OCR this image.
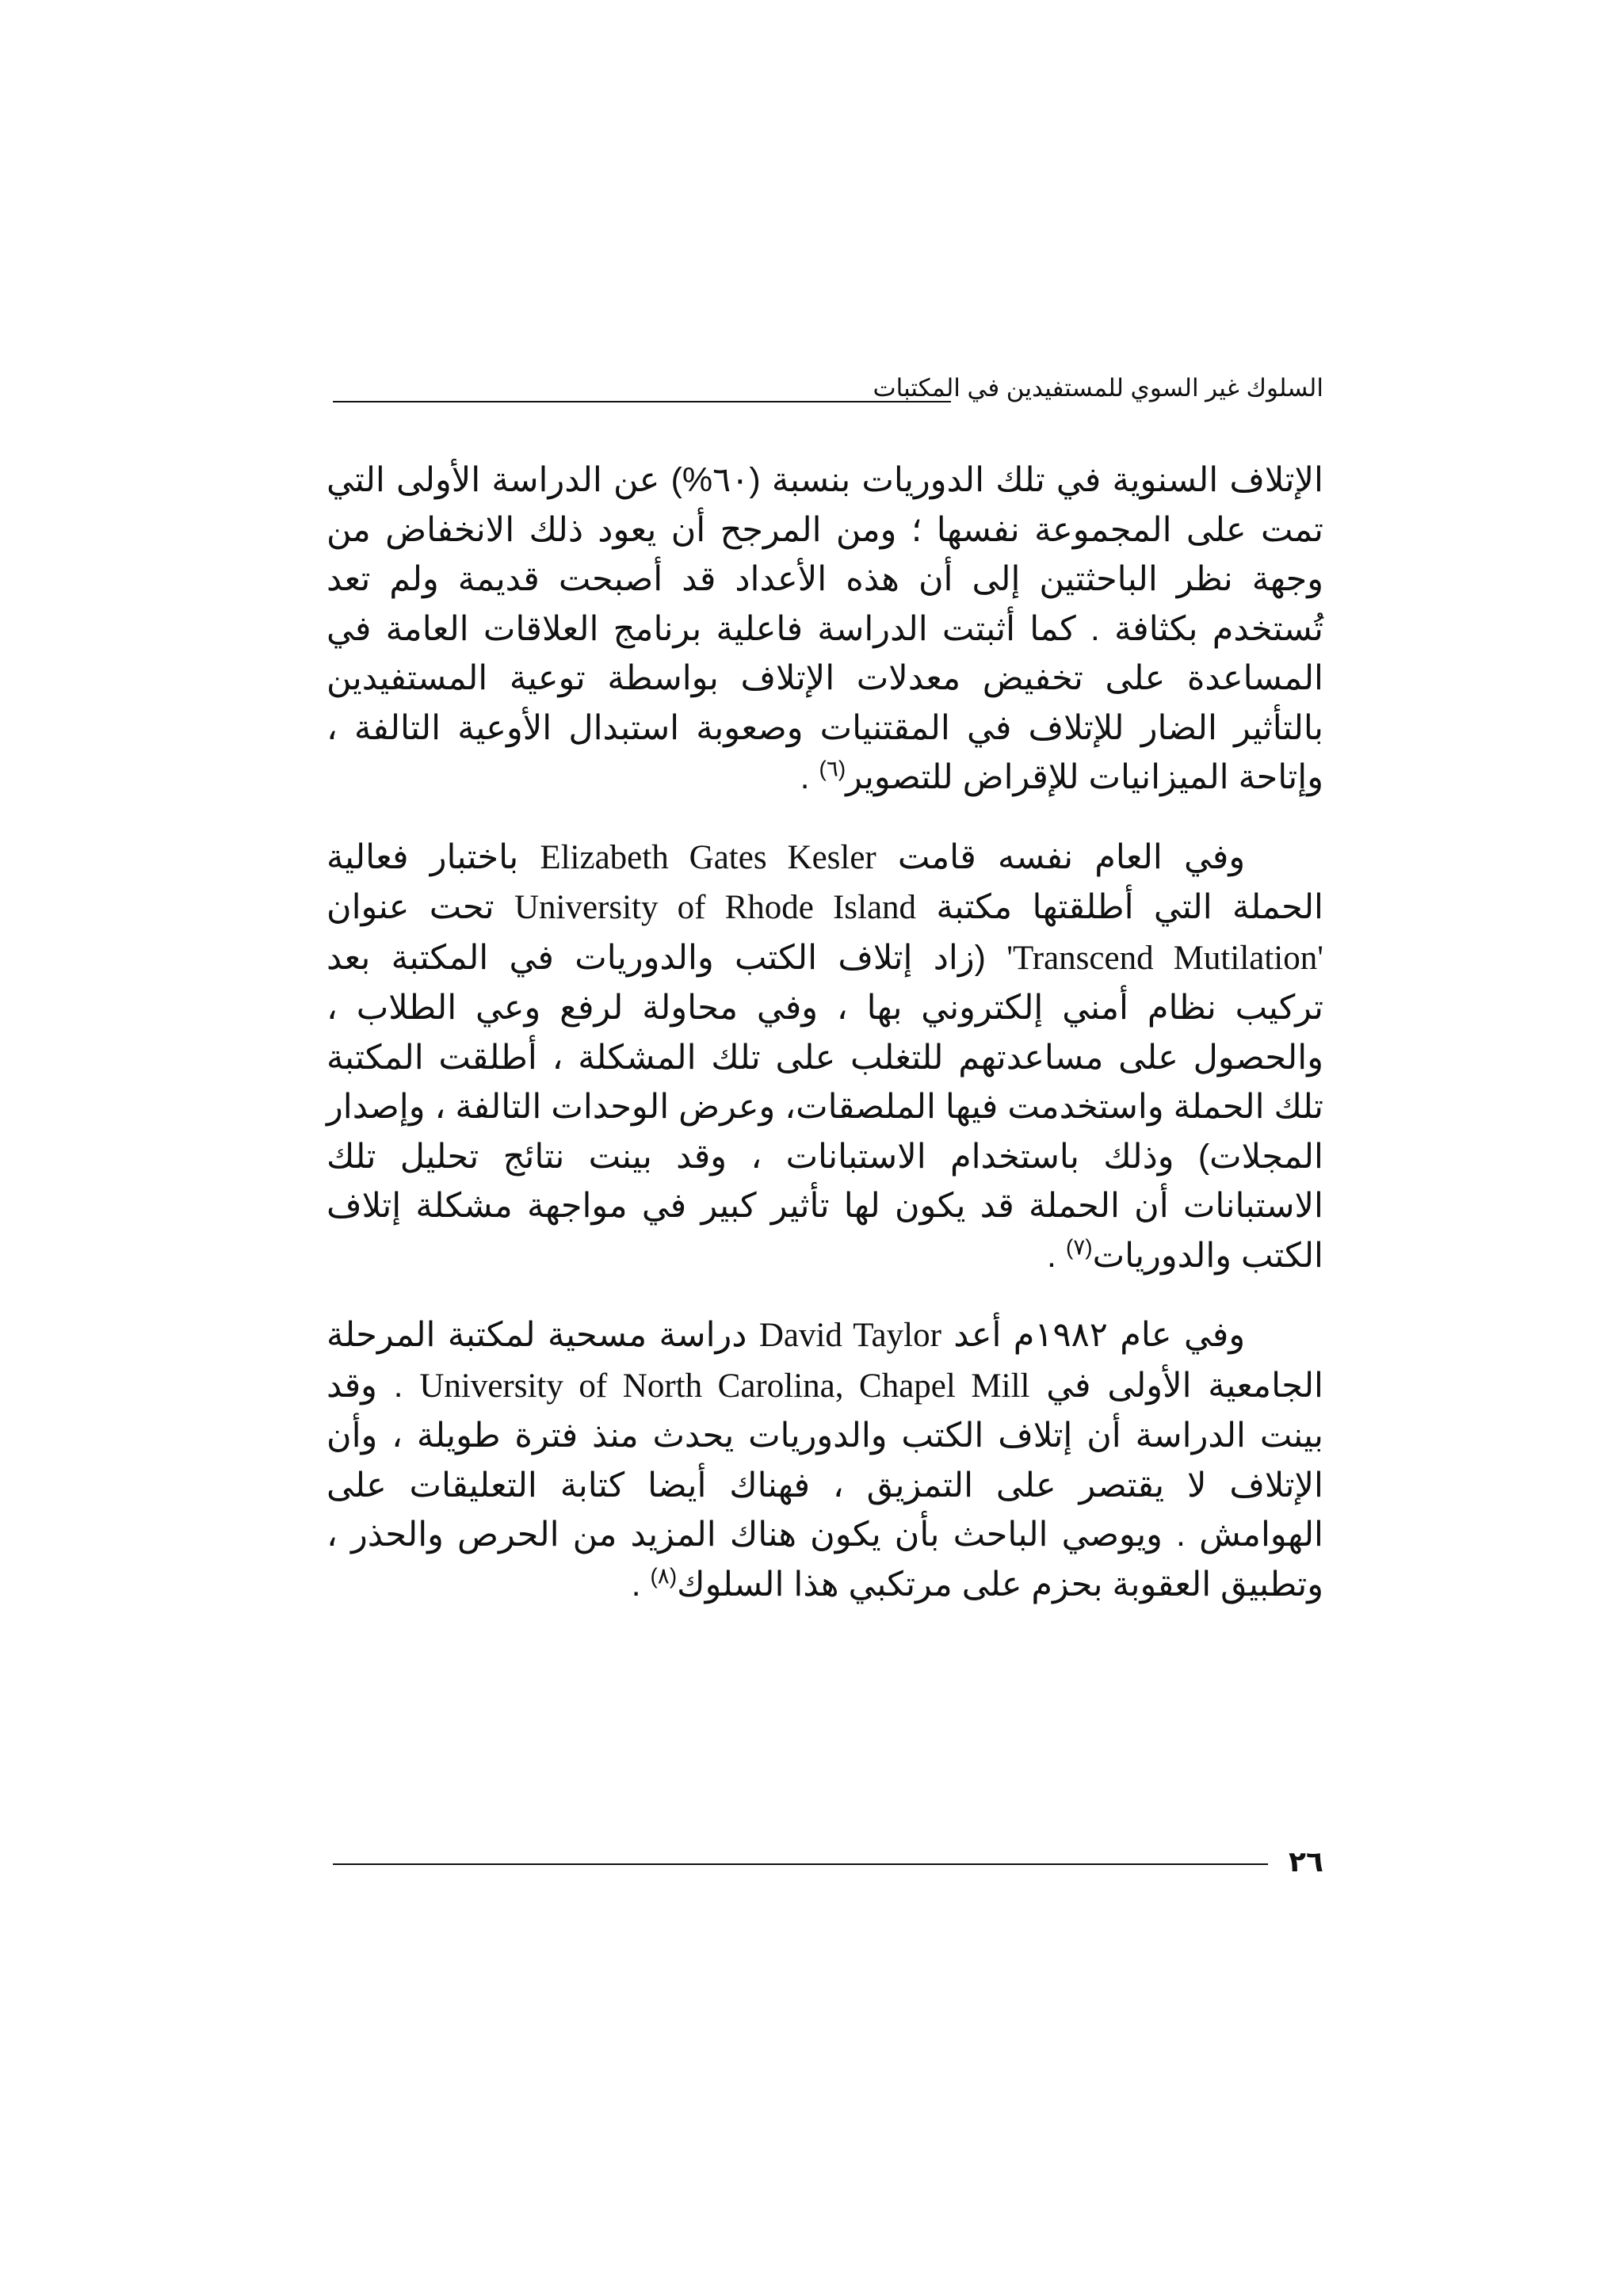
السلوك غير السوي للمستفيدين في المكتبات

الإتلاف السنوية في تلك الدوريات بنسبة (٦٠%) عن الدراسة الأولى التي تمت على المجموعة نفسها ؛ ومن المرجح أن يعود ذلك الانخفاض من وجهة نظر الباحثتين إلى أن هذه الأعداد قد أصبحت قديمة ولم تعد تُستخدم بكثافة . كما أثبتت الدراسة فاعلية برنامج العلاقات العامة في المساعدة على تخفيض معدلات الإتلاف بواسطة توعية المستفيدين بالتأثير الضار للإتلاف في المقتنيات وصعوبة استبدال الأوعية التالفة ، وإتاحة الميزانيات للإقراض للتصوير$^{(٦)}$ .

وفي العام نفسه قامت Elizabeth Gates Kesler باختبار فعالية الحملة التي أطلقتها مكتبة University of Rhode Island تحت عنوان 'Transcend Mutilation' (زاد إتلاف الكتب والدوريات في المكتبة بعد تركيب نظام أمني إلكتروني بها ، وفي محاولة لرفع وعي الطلاب ، والحصول على مساعدتهم للتغلب على تلك المشكلة ، أطلقت المكتبة تلك الحملة واستخدمت فيها الملصقات، وعرض الوحدات التالفة ، وإصدار المجلات) وذلك باستخدام الاستبانات ، وقد بينت نتائج تحليل تلك الاستبانات أن الحملة قد يكون لها تأثير كبير في مواجهة مشكلة إتلاف الكتب والدوريات$^{(٧)}$ .

وفي عام ١٩٨٢م أعد David Taylor دراسة مسحية لمكتبة المرحلة الجامعية الأولى في University of North Carolina, Chapel Mill . وقد بينت الدراسة أن إتلاف الكتب والدوريات يحدث منذ فترة طويلة ، وأن الإتلاف لا يقتصر على التمزيق ، فهناك أيضا كتابة التعليقات على الهوامش . ويوصي الباحث بأن يكون هناك المزيد من الحرص والحذر ، وتطبيق العقوبة بحزم على مرتكبي هذا السلوك$^{(٨)}$ .

٢٦
